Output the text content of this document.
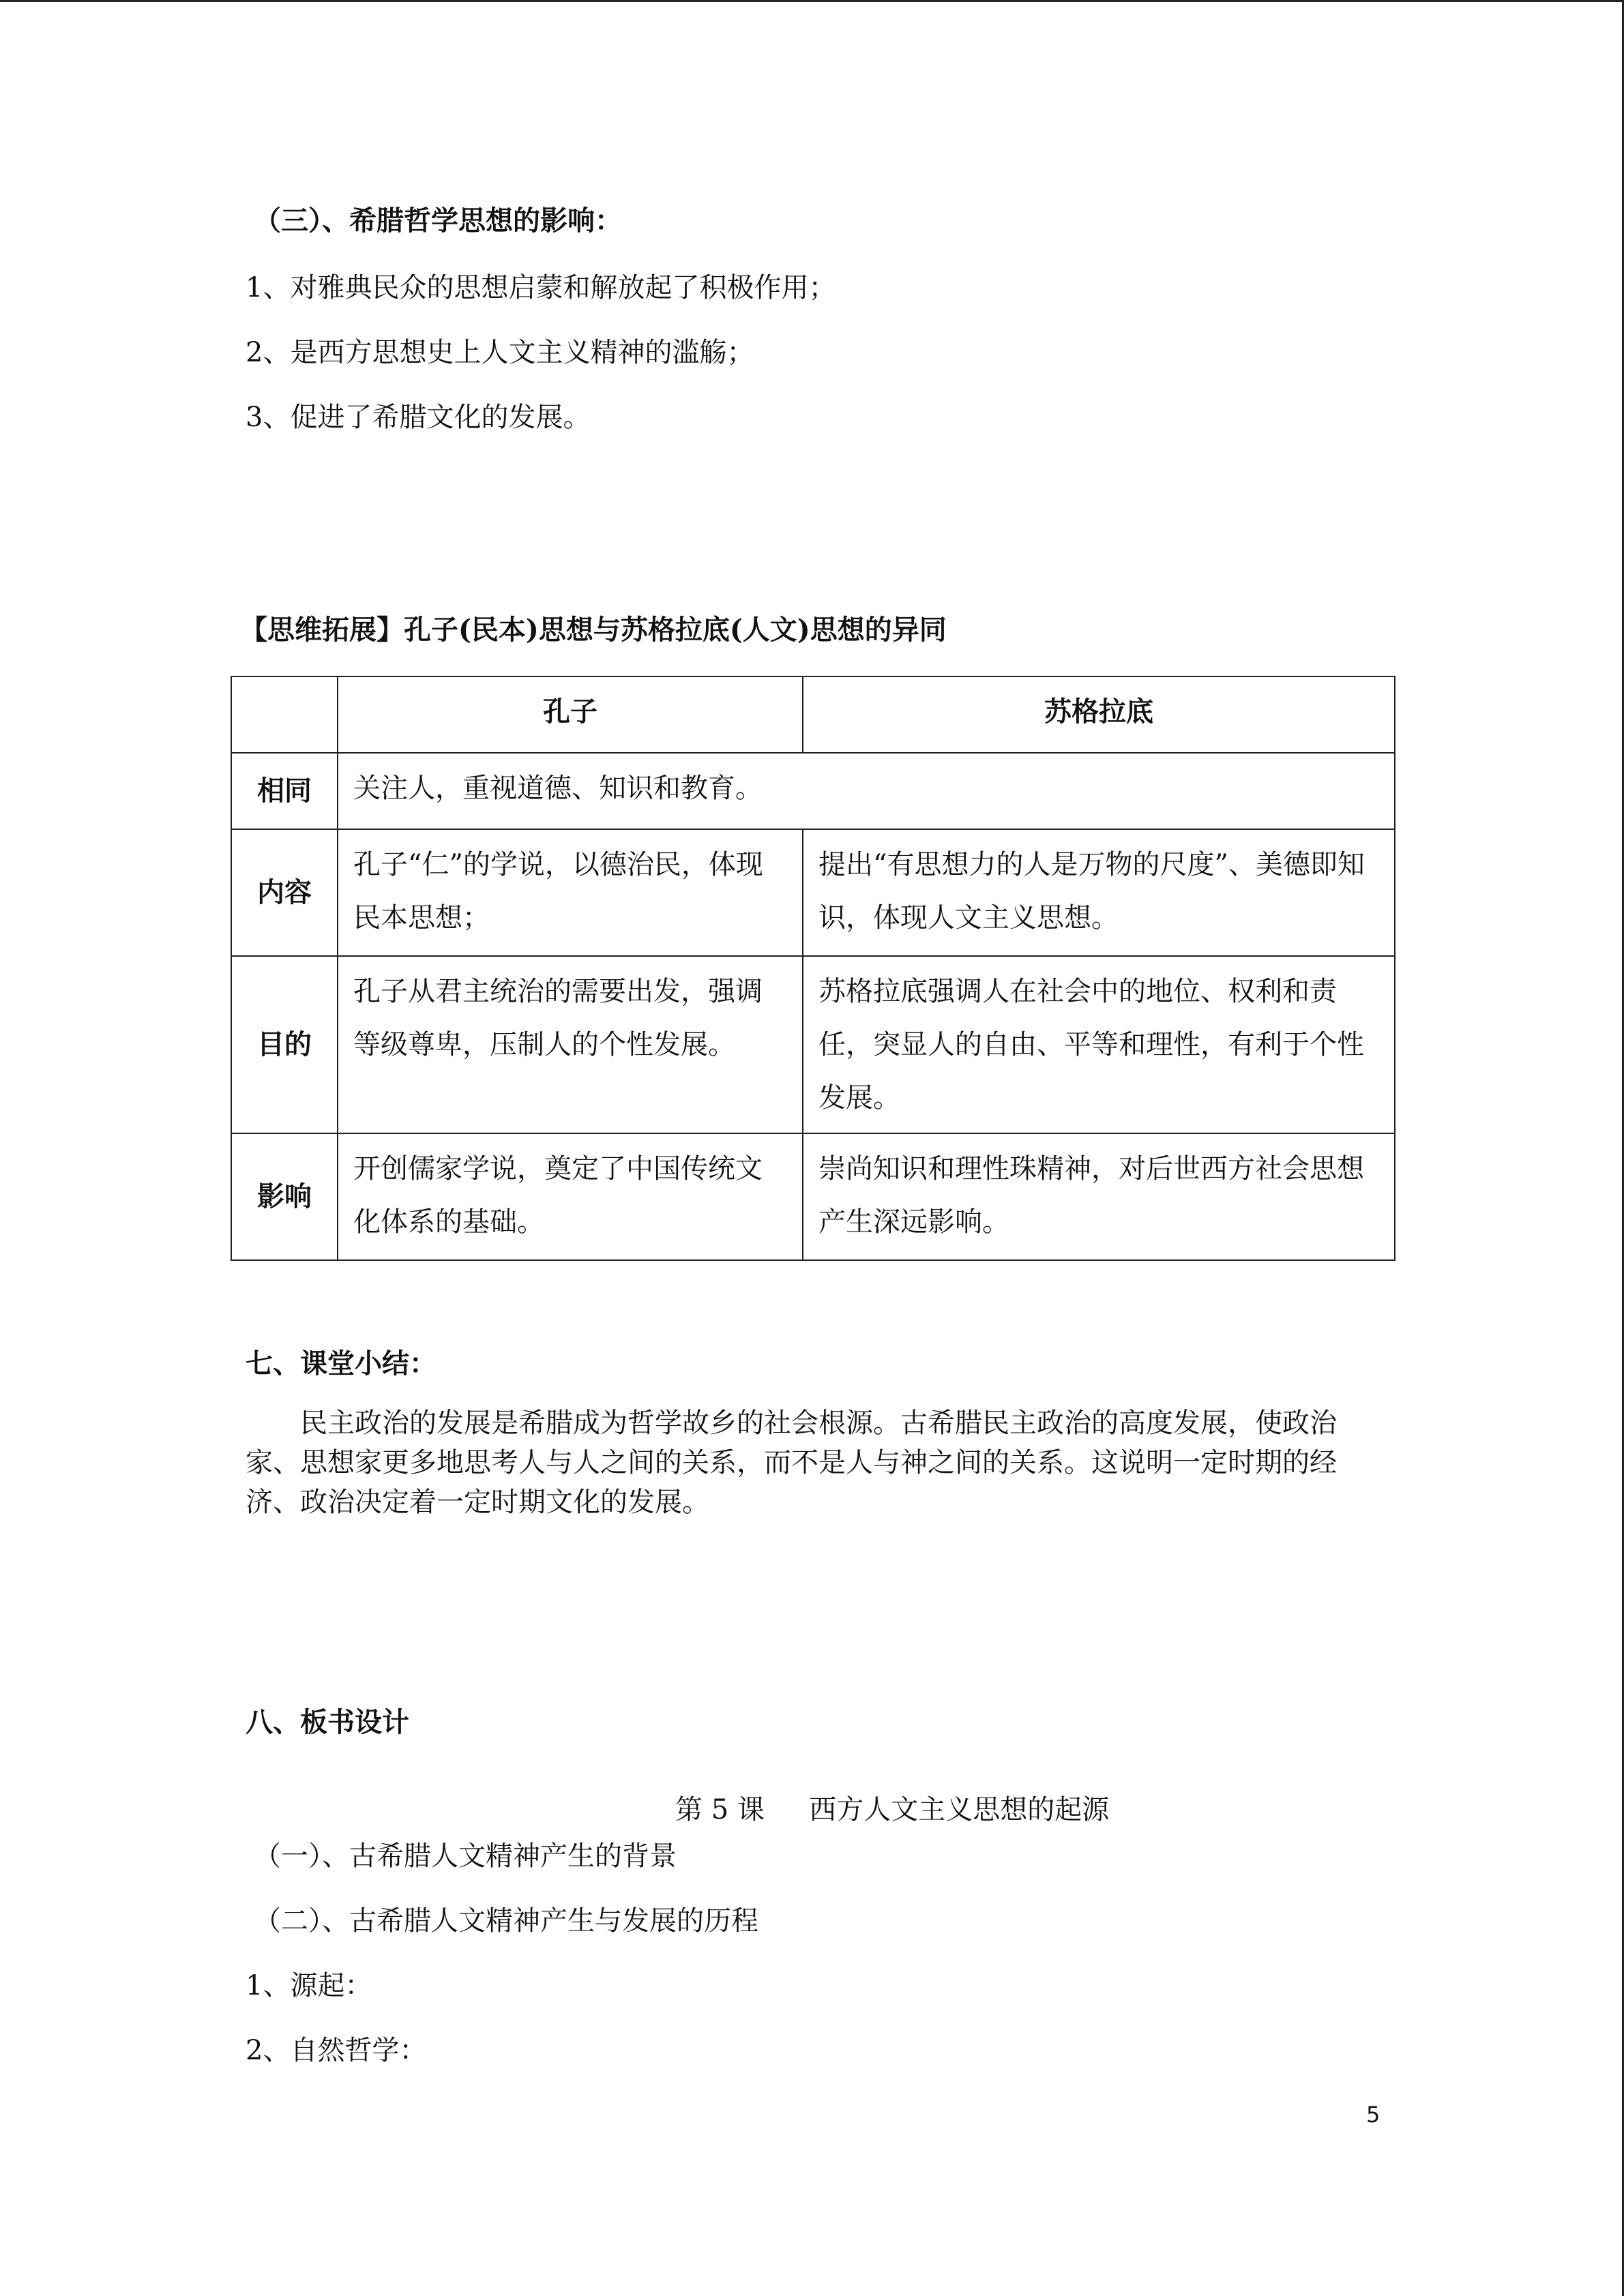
（三）、希腊哲学思想的影响：
1、对雅典民众的思想启蒙和解放起了积极作用；
2、是西方思想史上人文主义精神的滥觞；
3、促进了希腊文化的发展。
【思维拓展】孔子(民本)思想与苏格拉底(人文)思想的异同
	孔子	苏格拉底
相同	关注人，重视道德、知识和教育。	
内容	孔子“仁”的学说，以德治民，体现民本思想；	提出“有思想力的人是万物的尺度”、美德即知识，体现人文主义思想。
目的	孔子从君主统治的需要出发，强调等级尊卑，压制人的个性发展。	苏格拉底强调人在社会中的地位、权利和责任，突显人的自由、平等和理性，有利于个性发展。
影响	开创儒家学说，奠定了中国传统文化体系的基础。	崇尚知识和理性珠精神，对后世西方社会思想产生深远影响。
七、课堂小结：
民主政治的发展是希腊成为哲学故乡的社会根源。古希腊民主政治的高度发展，使政治家、思想家更多地思考人与人之间的关系，而不是人与神之间的关系。这说明一定时期的经济、政治决定着一定时期文化的发展。
八、板书设计
第 5 课　  西方人文主义思想的起源
（一）、古希腊人文精神产生的背景
（二）、古希腊人文精神产生与发展的历程
1、源起：
2、自然哲学：
5
